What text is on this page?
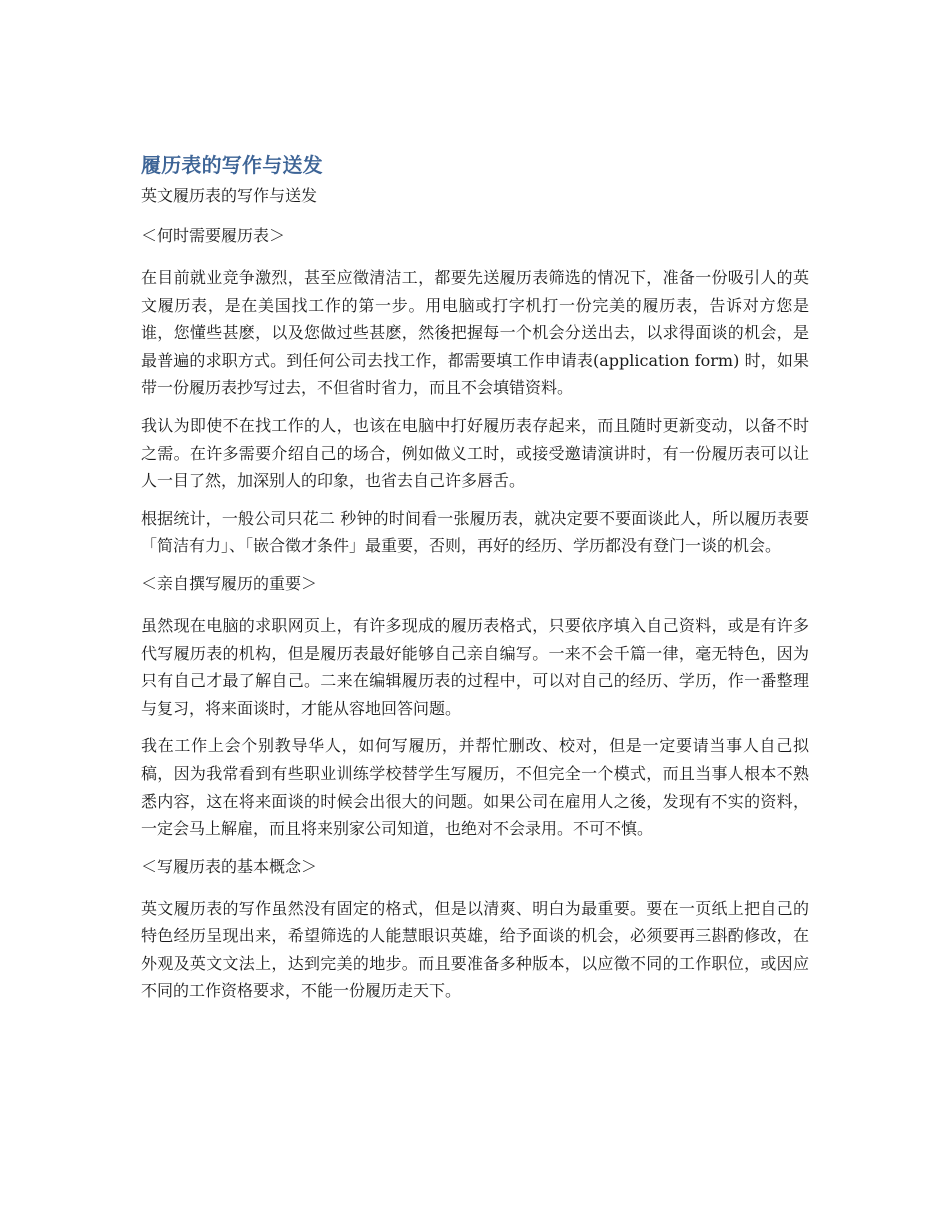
履历表的写作与送发

英文履历表的写作与送发

＜何时需要履历表＞

在目前就业竞争激烈，甚至应徵清洁工，都要先送履历表筛选的情况下，准备一份吸引人的英文履历表，是在美国找工作的第一步。用电脑或打字机打一份完美的履历表，告诉对方您是谁，您懂些甚麽，以及您做过些甚麽，然後把握每一个机会分送出去，以求得面谈的机会，是最普遍的求职方式。到任何公司去找工作，都需要填工作申请表(application form) 时，如果带一份履历表抄写过去，不但省时省力，而且不会填错资料。

我认为即使不在找工作的人，也该在电脑中打好履历表存起来，而且随时更新变动，以备不时之需。在许多需要介绍自己的场合，例如做义工时，或接受邀请演讲时，有一份履历表可以让人一目了然，加深别人的印象，也省去自己许多唇舌。

根据统计，一般公司只花二 秒钟的时间看一张履历表，就决定要不要面谈此人，所以履历表要「简洁有力」、「嵌合徵才条件」最重要，否则，再好的经历、学历都没有登门一谈的机会。

＜亲自撰写履历的重要＞

虽然现在电脑的求职网页上，有许多现成的履历表格式，只要依序填入自己资料，或是有许多代写履历表的机构，但是履历表最好能够自己亲自编写。一来不会千篇一律，毫无特色，因为只有自己才最了解自己。二来在编辑履历表的过程中，可以对自己的经历、学历，作一番整理与复习，将来面谈时，才能从容地回答问题。

我在工作上会个别教导华人，如何写履历，并帮忙删改、校对，但是一定要请当事人自己拟稿，因为我常看到有些职业训练学校替学生写履历，不但完全一个模式，而且当事人根本不熟悉内容，这在将来面谈的时候会出很大的问题。如果公司在雇用人之後，发现有不实的资料，一定会马上解雇，而且将来别家公司知道，也绝对不会录用。不可不慎。

＜写履历表的基本概念＞

英文履历表的写作虽然没有固定的格式，但是以清爽、明白为最重要。要在一页纸上把自己的特色经历呈现出来，希望筛选的人能慧眼识英雄，给予面谈的机会，必须要再三斟酌修改，在外观及英文文法上，达到完美的地步。而且要准备多种版本，以应徵不同的工作职位，或因应不同的工作资格要求，不能一份履历走天下。
